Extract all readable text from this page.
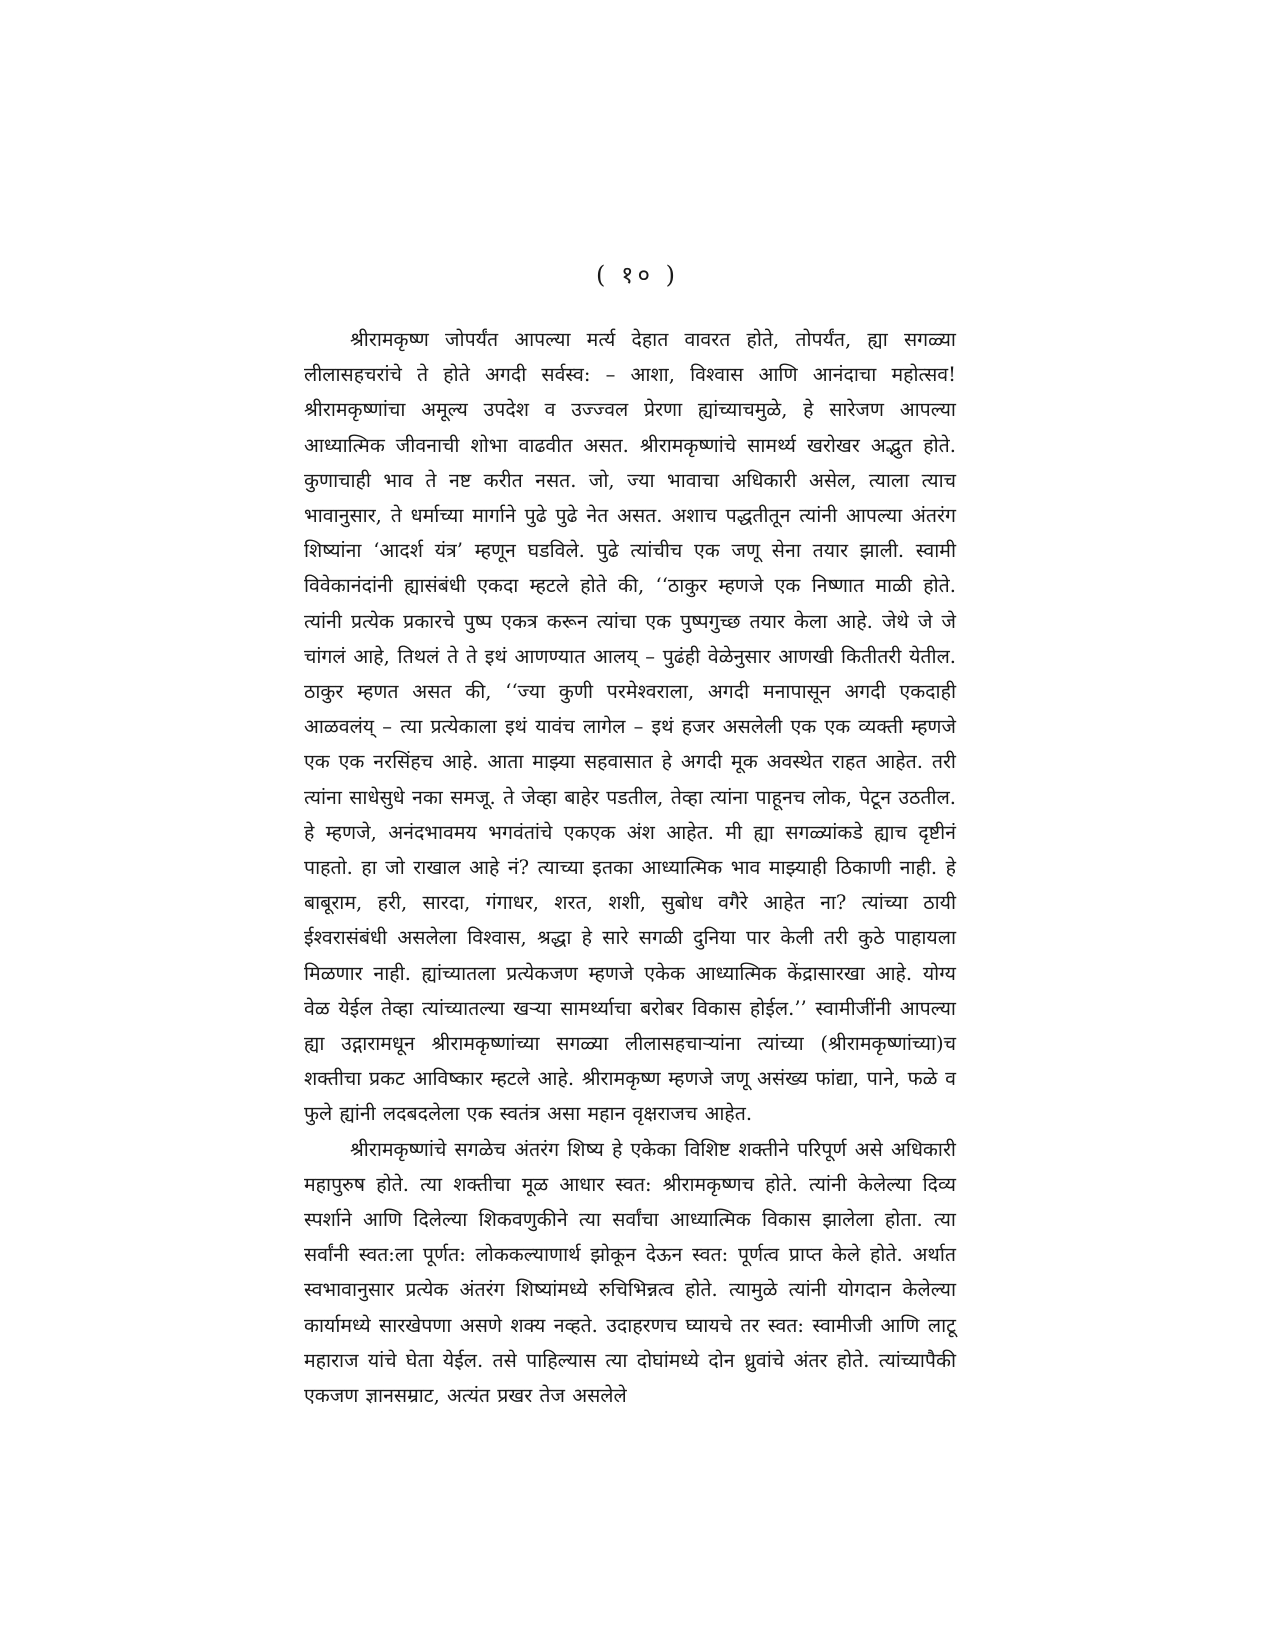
( १० )

श्रीरामकृष्ण जोपर्यंत आपल्या मर्त्य देहात वावरत होते, तोपर्यंत, ह्या सगळ्या लीलासहचरांचे ते होते अगदी सर्वस्व: – आशा, विश्वास आणि आनंदाचा महोत्सव! श्रीरामकृष्णांचा अमूल्य उपदेश व उज्ज्वल प्रेरणा ह्यांच्याचमुळे, हे सारेजण आपल्या आध्यात्मिक जीवनाची शोभा वाढवीत असत. श्रीरामकृष्णांचे सामर्थ्य खरोखर अद्भुत होते. कुणाचाही भाव ते नष्ट करीत नसत. जो, ज्या भावाचा अधिकारी असेल, त्याला त्याच भावानुसार, ते धर्माच्या मार्गाने पुढे पुढे नेत असत. अशाच पद्धतीतून त्यांनी आपल्या अंतरंग शिष्यांना ‘आदर्श यंत्र’ म्हणून घडविले. पुढे त्यांचीच एक जणू सेना तयार झाली. स्वामी विवेकानंदांनी ह्यासंबंधी एकदा म्हटले होते की, ‘‘ठाकुर म्हणजे एक निष्णात माळी होते. त्यांनी प्रत्येक प्रकारचे पुष्प एकत्र करून त्यांचा एक पुष्पगुच्छ तयार केला आहे. जेथे जे जे चांगलं आहे, तिथलं ते ते इथं आणण्यात आलय् – पुढंही वेळेनुसार आणखी कितीतरी येतील. ठाकुर म्हणत असत की, ‘‘ज्या कुणी परमेश्वराला, अगदी मनापासून अगदी एकदाही आळवलंय् – त्या प्रत्येकाला इथं यावंच लागेल – इथं हजर असलेली एक एक व्यक्ती म्हणजे एक एक नरसिंहच आहे. आता माझ्या सहवासात हे अगदी मूक अवस्थेत राहत आहेत. तरी त्यांना साधेसुधे नका समजू. ते जेव्हा बाहेर पडतील, तेव्हा त्यांना पाहूनच लोक, पेटून उठतील. हे म्हणजे, अनंदभावमय भगवंतांचे एकएक अंश आहेत. मी ह्या सगळ्यांकडे ह्याच दृष्टीनं पाहतो. हा जो राखाल आहे नं? त्याच्या इतका आध्यात्मिक भाव माझ्याही ठिकाणी नाही. हे बाबूराम, हरी, सारदा, गंगाधर, शरत, शशी, सुबोध वगैरे आहेत ना? त्यांच्या ठायी ईश्वरासंबंधी असलेला विश्वास, श्रद्धा हे सारे सगळी दुनिया पार केली तरी कुठे पाहायला मिळणार नाही. ह्यांच्यातला प्रत्येकजण म्हणजे एकेक आध्यात्मिक केंद्रासारखा आहे. योग्य वेळ येईल तेव्हा त्यांच्यातल्या खऱ्या सामर्थ्याचा बरोबर विकास होईल.’’ स्वामीजींनी आपल्या ह्या उद्गारामधून श्रीरामकृष्णांच्या सगळ्या लीलासहचाऱ्यांना त्यांच्या (श्रीरामकृष्णांच्या)च शक्तीचा प्रकट आविष्कार म्हटले आहे. श्रीरामकृष्ण म्हणजे जणू असंख्य फांद्या, पाने, फळे व फुले ह्यांनी लदबदलेला एक स्वतंत्र असा महान वृक्षराजच आहेत.

श्रीरामकृष्णांचे सगळेच अंतरंग शिष्य हे एकेका विशिष्ट शक्तीने परिपूर्ण असे अधिकारी महापुरुष होते. त्या शक्तीचा मूळ आधार स्वत: श्रीरामकृष्णच होते. त्यांनी केलेल्या दिव्य स्पर्शाने आणि दिलेल्या शिकवणुकीने त्या सर्वांचा आध्यात्मिक विकास झालेला होता. त्या सर्वांनी स्वत:ला पूर्णत: लोककल्याणार्थ झोकून देऊन स्वत: पूर्णत्व प्राप्त केले होते. अर्थात स्वभावानुसार प्रत्येक अंतरंग शिष्यांमध्ये रुचिभिन्नत्व होते. त्यामुळे त्यांनी योगदान केलेल्या कार्यामध्ये सारखेपणा असणे शक्य नव्हते. उदाहरणच घ्यायचे तर स्वत: स्वामीजी आणि लाटू महाराज यांचे घेता येईल. तसे पाहिल्यास त्या दोघांमध्ये दोन ध्रुवांचे अंतर होते. त्यांच्यापैकी एकजण ज्ञानसम्राट, अत्यंत प्रखर तेज असलेले
